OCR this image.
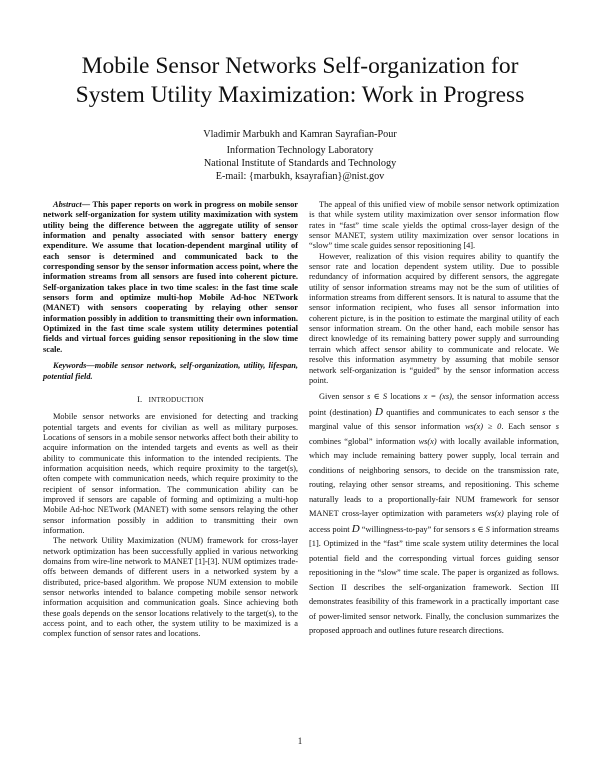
Mobile Sensor Networks Self-organization for
System Utility Maximization: Work in Progress
Vladimir Marbukh and Kamran Sayrafian-Pour
Information Technology Laboratory
National Institute of Standards and Technology
E-mail: {marbukh, ksayrafian}@nist.gov

Abstract— This paper reports on work in progress on mobile sensor network self-organization for system utility maximization with system utility being the difference between the aggregate utility of sensor information and penalty associated with sensor battery energy expenditure. We assume that location-dependent marginal utility of each sensor is determined and communicated back to the corresponding sensor by the sensor information access point, where the information streams from all sensors are fused into coherent picture. Self-organization takes place in two time scales: in the fast time scale sensors form and optimize multi-hop Mobile Ad-hoc NETwork (MANET) with sensors cooperating by relaying other sensor information possibly in addition to transmitting their own information. Optimized in the fast time scale system utility determines potential fields and virtual forces guiding sensor repositioning in the slow time scale.

Keywords—mobile sensor network, self-organization, utility, lifespan, potential field.

I. INTRODUCTION

Mobile sensor networks are envisioned for detecting and tracking potential targets and events for civilian as well as military purposes. Locations of sensors in a mobile sensor networks affect both their ability to acquire information on the intended targets and events as well as their ability to communicate this information to the intended recipients. The information acquisition needs, which require proximity to the target(s), often compete with communication needs, which require proximity to the recipient of sensor information. The communication ability can be improved if sensors are capable of forming and optimizing a multi-hop Mobile Ad-hoc NETwork (MANET) with some sensors relaying the other sensor information possibly in addition to transmitting their own information.

The network Utility Maximization (NUM) framework for cross-layer network optimization has been successfully applied in various networking domains from wire-line network to MANET [1]-[3]. NUM optimizes trade-offs between demands of different users in a networked system by a distributed, price-based algorithm. We propose NUM extension to mobile sensor networks intended to balance competing mobile sensor network information acquisition and communication goals. Since achieving both these goals depends on the sensor locations relatively to the target(s), to the access point, and to each other, the system utility to be maximized is a complex function of sensor rates and locations.

The appeal of this unified view of mobile sensor network optimization is that while system utility maximization over sensor information flow rates in “fast” time scale yields the optimal cross-layer design of the sensor MANET, system utility maximization over sensor locations in “slow” time scale guides sensor repositioning [4].

However, realization of this vision requires ability to quantify the sensor rate and location dependent system utility. Due to possible redundancy of information acquired by different sensors, the aggregate utility of sensor information streams may not be the sum of utilities of information streams from different sensors. It is natural to assume that the sensor information recipient, who fuses all sensor information into coherent picture, is in the position to estimate the marginal utility of each sensor information stream. On the other hand, each mobile sensor has direct knowledge of its remaining battery power supply and surrounding terrain which affect sensor ability to communicate and relocate. We resolve this information asymmetry by assuming that mobile sensor network self-organization is “guided” by the sensor information access point.

Given sensor s ∈ S locations x = (xs), the sensor information access point (destination) D quantifies and communicates to each sensor s the marginal value of this sensor information ws(x) ≥ 0. Each sensor s combines “global” information ws(x) with locally available information, which may include remaining battery power supply, local terrain and conditions of neighboring sensors, to decide on the transmission rate, routing, relaying other sensor streams, and repositioning. This scheme naturally leads to a proportionally-fair NUM framework for sensor MANET cross-layer optimization with parameters ws(x) playing role of access point D “willingness-to-pay” for sensors s ∈ S information streams [1]. Optimized in the “fast” time scale system utility determines the local potential field and the corresponding virtual forces guiding sensor repositioning in the “slow” time scale. The paper is organized as follows. Section II describes the self-organization framework. Section III demonstrates feasibility of this framework in a practically important case of power-limited sensor network. Finally, the conclusion summarizes the proposed approach and outlines future research directions.

1
